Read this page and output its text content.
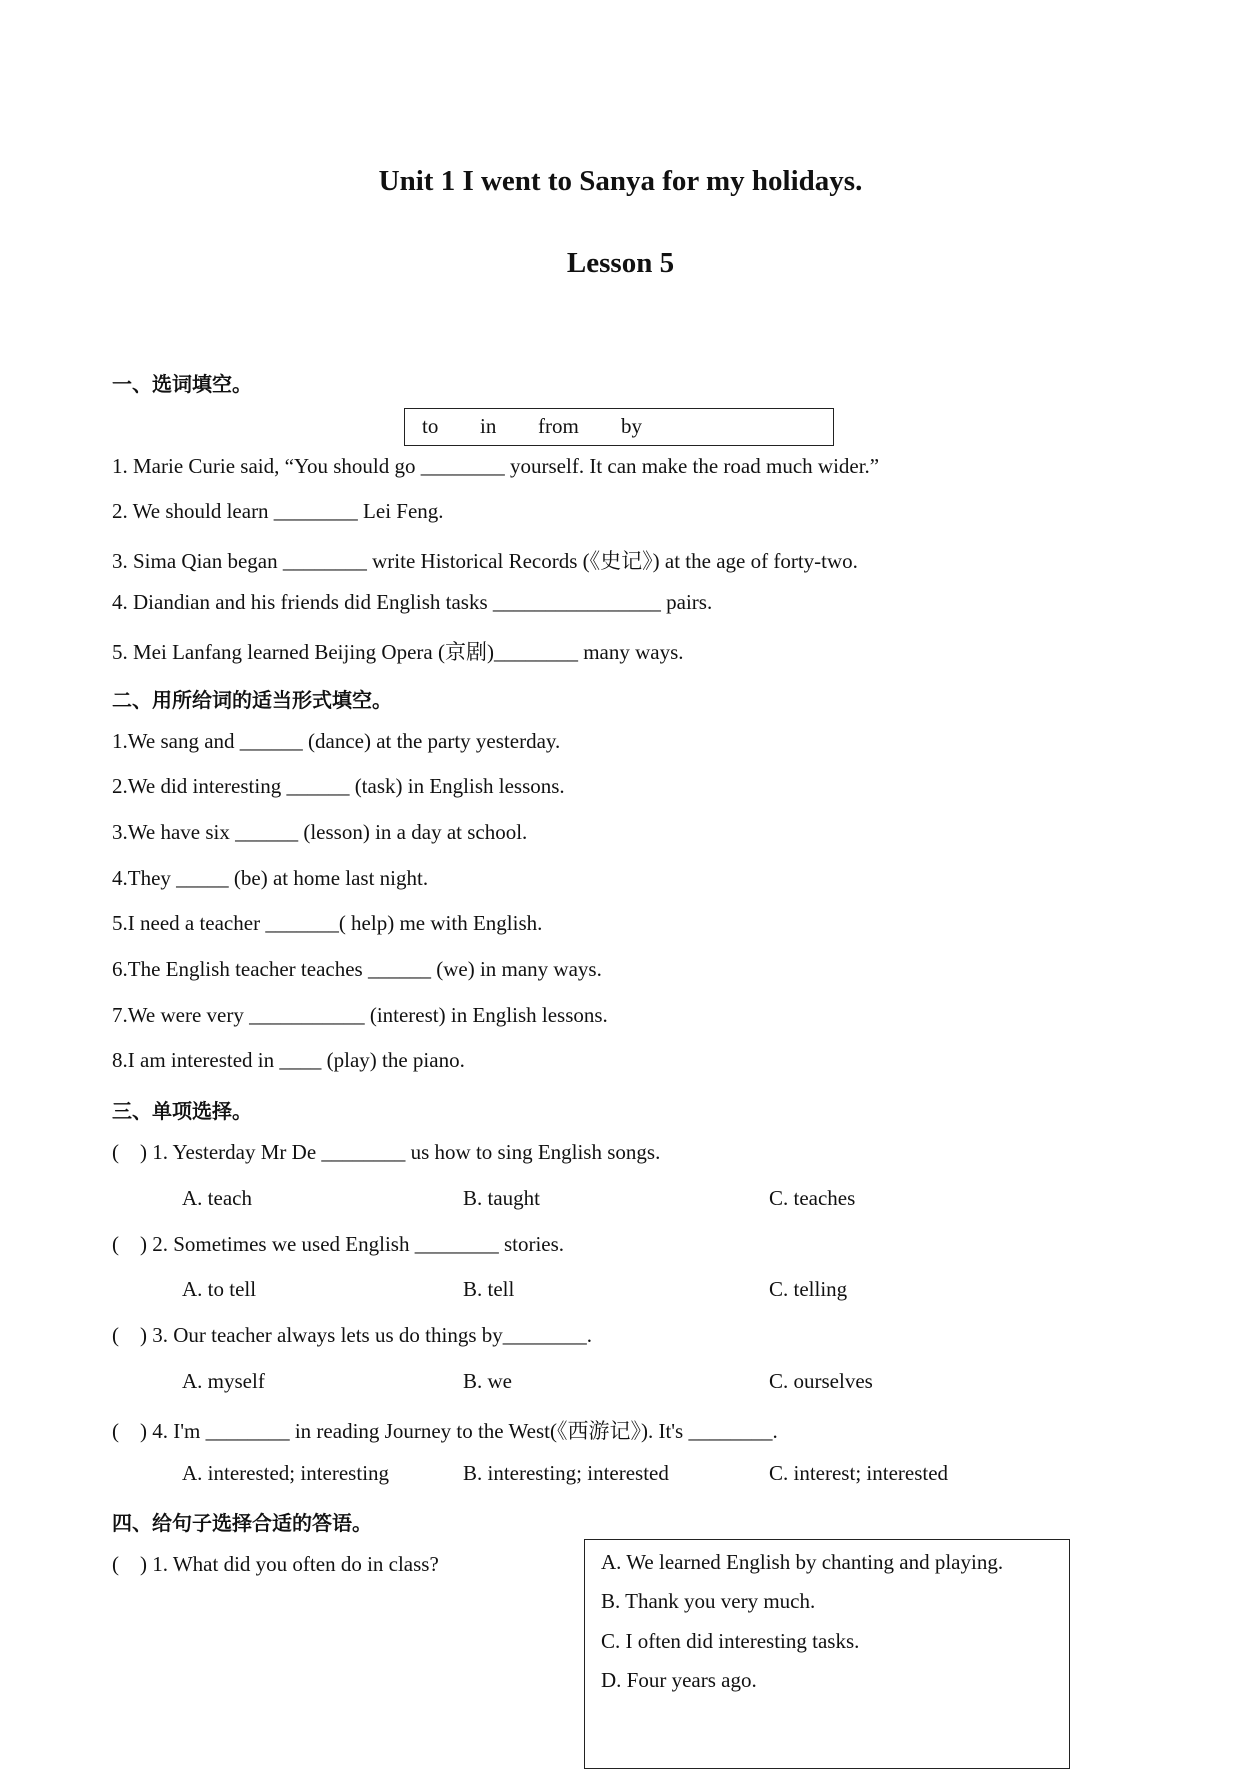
Unit 1 I went to Sanya for my holidays.
Lesson 5
一、选词填空。
to in from by
1. Marie Curie said, “You should go ________ yourself. It can make the road much wider.”
2. We should learn ________ Lei Feng.
3. Sima Qian began ________ write Historical Records (《史记》) at the age of forty-two.
4. Diandian and his friends did English tasks ________________ pairs.
5. Mei Lanfang learned Beijing Opera (京剧)________ many ways.
二、用所给词的适当形式填空。
1.We sang and ______ (dance) at the party yesterday.
2.We did interesting ______ (task) in English lessons.
3.We have six ______ (lesson) in a day at school.
4.They _____ (be) at home last night.
5.I need a teacher _______( help) me with English.
6.The English teacher teaches ______ (we) in many ways.
7.We were very ___________ (interest) in English lessons.
8.I am interested in ____ (play) the piano.
三、单项选择。
(    ) 1. Yesterday Mr De ________ us how to sing English songs.
A. teach	B. taught	C. teaches
(    ) 2. Sometimes we used English ________ stories.
A. to tell	B. tell	C. telling
(    ) 3. Our teacher always lets us do things by________.
A. myself	B. we	C. ourselves
(    ) 4. I'm ________ in reading Journey to the West(《西游记》). It's ________.
A. interested; interesting	B. interesting; interested	C. interest; interested
四、给句子选择合适的答语。
(    ) 1. What did you often do in class?	A. We learned English by chanting and playing.
B. Thank you very much.
C. I often did interesting tasks.
D. Four years ago.
